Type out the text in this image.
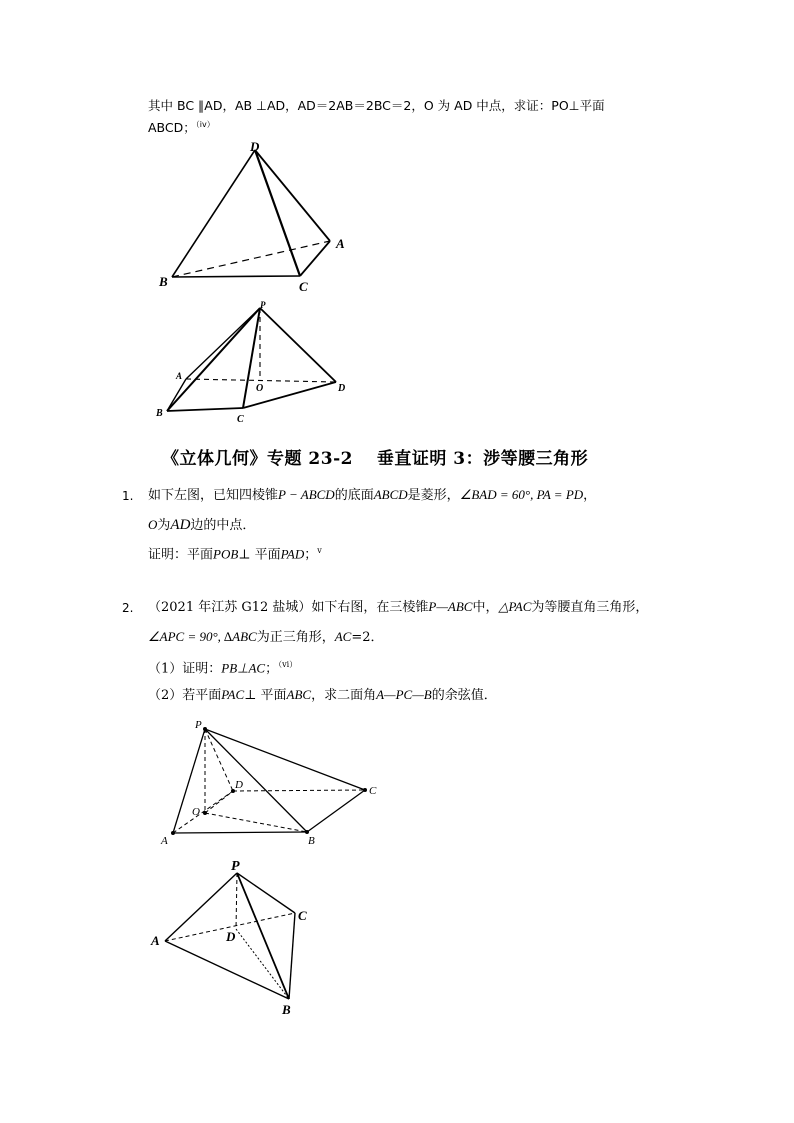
其中 BC ∥AD，AB ⊥AD，AD＝2AB＝2BC＝2，O 为 AD 中点，求证：PO⊥平面
ABCD；$^{(iv)}$
D
A
B	C
P
A
O	D
B
C
《立体几何》专题 23-2　 垂直证明 3：涉等腰三角形
1. 如下左图，已知四棱锥P − ABCD的底面ABCD是菱形，∠BAD = 60°, PA = PD，
O为AD边的中点．
证明：平面POB⊥ 平面PAD；$^v$
2. （2021 年江苏 G12 盐城）如下右图，在三棱锥P—ABC中，△PAC为等腰直角三角形，
∠APC = 90°, ∆ABC为正三角形，AC=2．
（1）证明：PB⊥AC；$^{(vi)}$
（2）若平面PAC⊥ 平面ABC，求二面角A—PC—B的余弦值．
P
D	C
O
A	B
P
C
A	D
B
